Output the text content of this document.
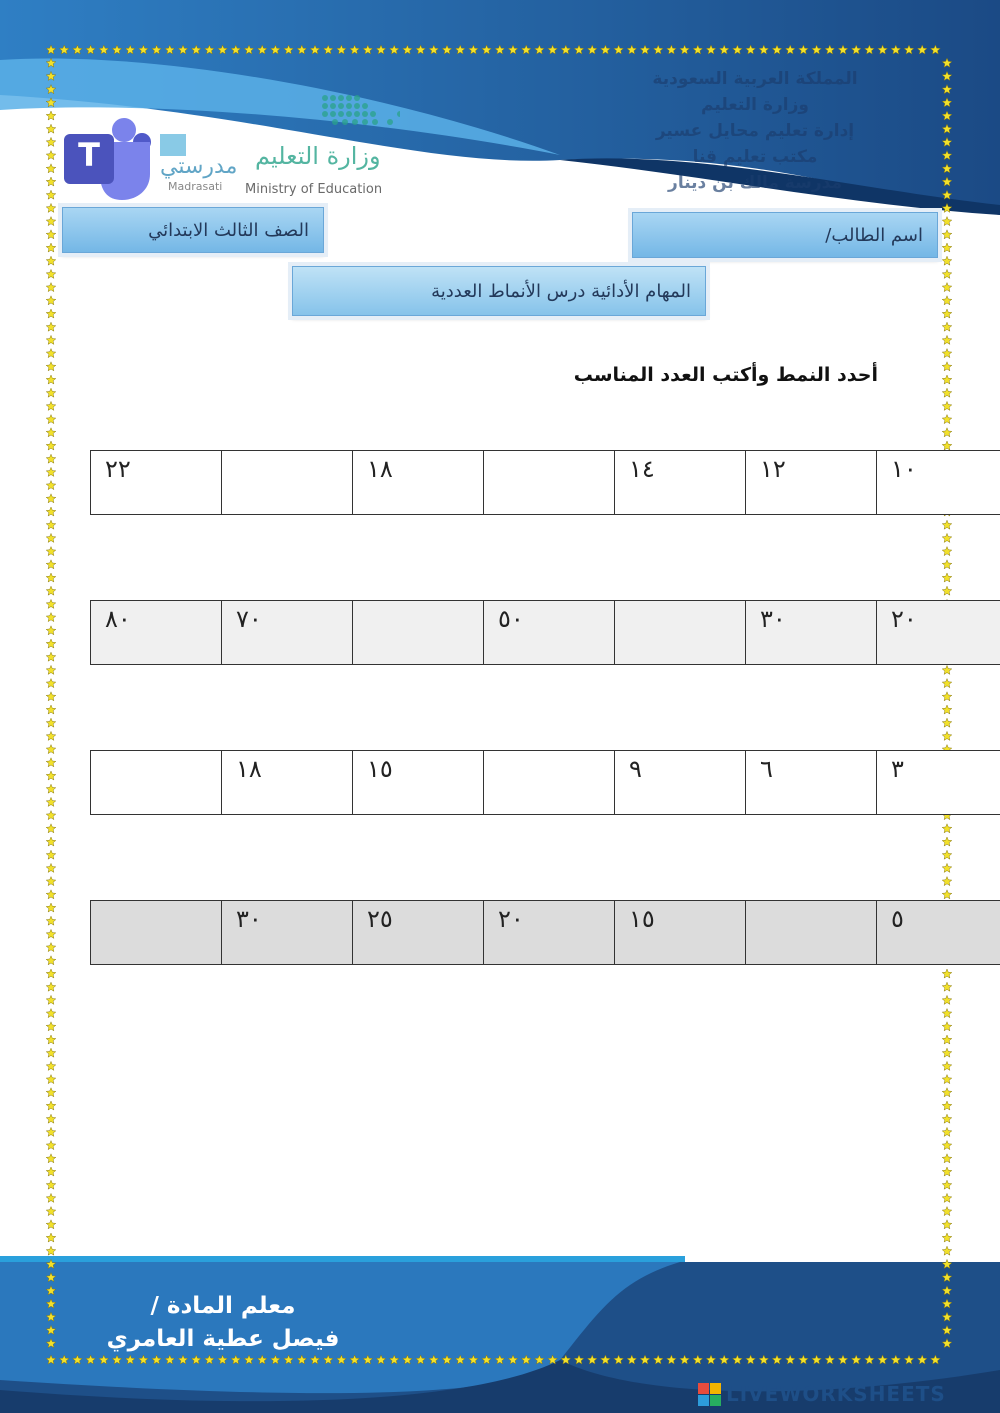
المملكة العربية السعودية
وزارة التعليم
إدارة تعليم محايل عسير
مكتب تعليم قنا
مدرسة مالك بن دينار
وزارة التعليم
Ministry of Education
مدرستي
Madrasati
T
اسم الطالب/
الصف الثالث الابتدائي
المهام الأدائية درس الأنماط العددية
أحدد النمط وأكتب العدد المناسب
١٠	١٢	١٤		١٨		٢٢
٢٠	٣٠		٥٠		٧٠	٨٠
٣	٦	٩		١٥	١٨	
٥		١٥	٢٠	٢٥	٣٠	
معلم المادة /
فيصل عطية العامري
LIVEWORKSHEETS
